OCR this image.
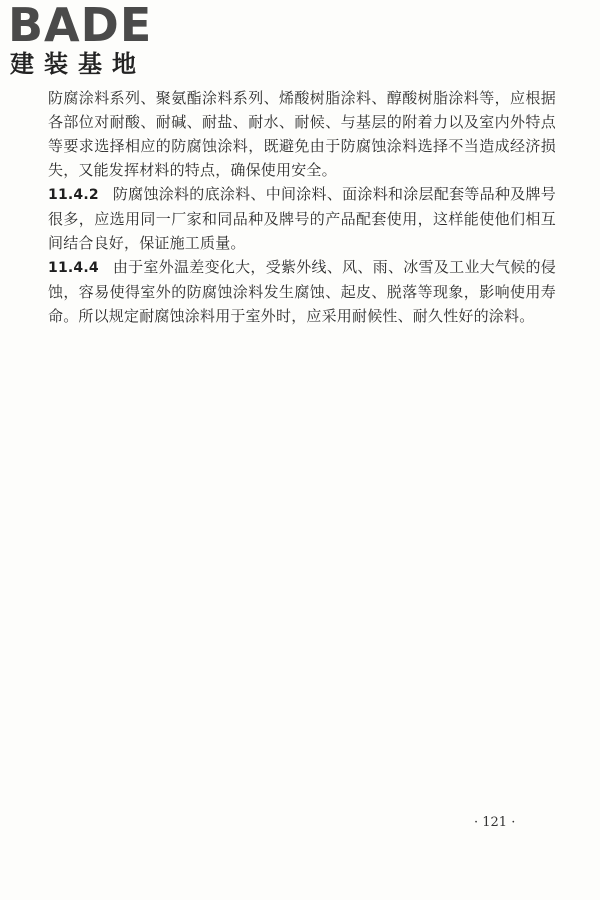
BADE
建装基地

防腐涂料系列、聚氨酯涂料系列、烯酸树脂涂料、醇酸树脂涂料等，应根据各部位对耐酸、耐碱、耐盐、耐水、耐候、与基层的附着力以及室内外特点等要求选择相应的防腐蚀涂料，既避免由于防腐蚀涂料选择不当造成经济损失，又能发挥材料的特点，确保使用安全。

11.4.2 防腐蚀涂料的底涂料、中间涂料、面涂料和涂层配套等品种及牌号很多，应选用同一厂家和同品种及牌号的产品配套使用，这样能使他们相互间结合良好，保证施工质量。

11.4.4 由于室外温差变化大，受紫外线、风、雨、冰雪及工业大气候的侵蚀，容易使得室外的防腐蚀涂料发生腐蚀、起皮、脱落等现象，影响使用寿命。所以规定耐腐蚀涂料用于室外时，应采用耐候性、耐久性好的涂料。

· 121 ·
